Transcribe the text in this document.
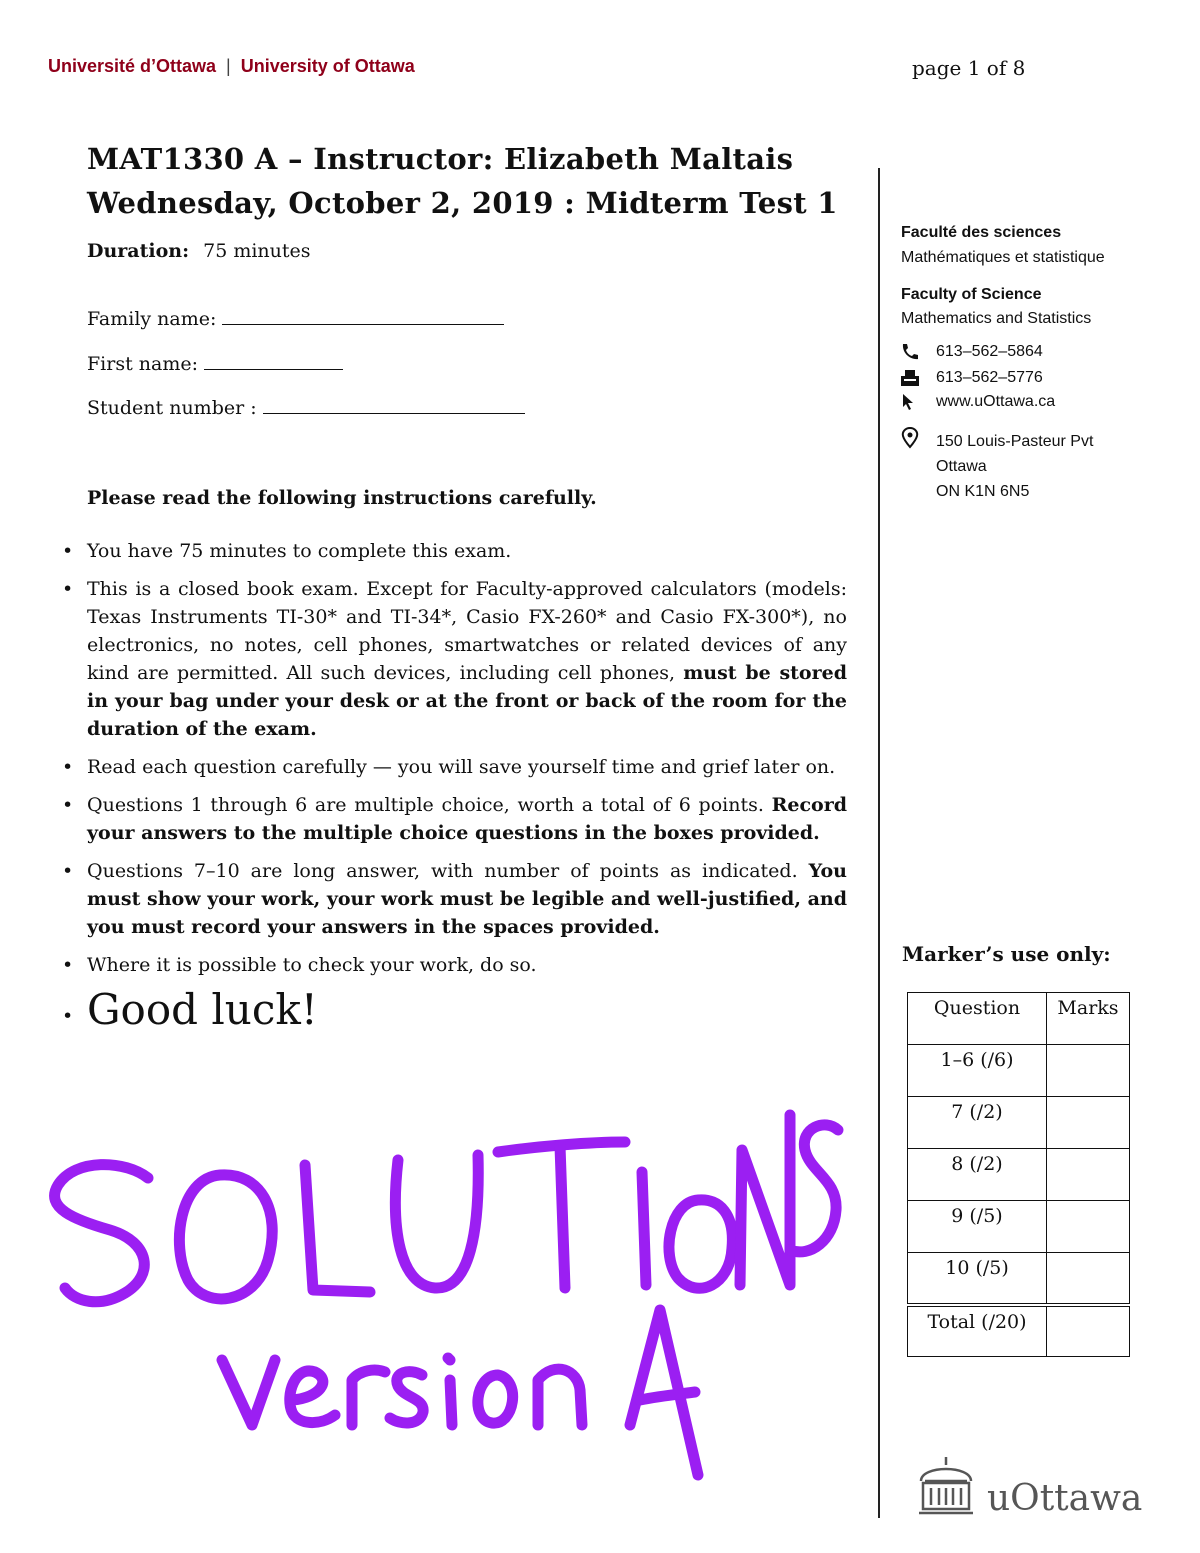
Université d’Ottawa | University of Ottawa	page 1 of 8
MAT1330 A – Instructor: Elizabeth Maltais
Wednesday, October 2, 2019 : Midterm Test 1
Duration: 75 minutes
Family name:
First name:
Student number :
Please read the following instructions carefully.
• You have 75 minutes to complete this exam.
• This is a closed book exam. Except for Faculty-approved calculators (models: Texas Instruments TI-30* and TI-34*, Casio FX-260* and Casio FX-300*), no electronics, no notes, cell phones, smartwatches or related devices of any kind are permitted. All such devices, including cell phones, must be stored in your bag under your desk or at the front or back of the room for the duration of the exam.
• Read each question carefully — you will save yourself time and grief later on.
• Questions 1 through 6 are multiple choice, worth a total of 6 points. Record your answers to the multiple choice questions in the boxes provided.
• Questions 7–10 are long answer, with number of points as indicated. You must show your work, your work must be legible and well-justified, and you must record your answers in the spaces provided.
• Where it is possible to check your work, do so.
• Good luck!
Faculté des sciences
Mathématiques et statistique
Faculty of Science
Mathematics and Statistics
613–562–5864
613–562–5776
www.uOttawa.ca
150 Louis-Pasteur Pvt
Ottawa
ON K1N 6N5
Marker’s use only:
Question	Marks
1–6 (/6)	
7 (/2)	
8 (/2)	
9 (/5)	
10 (/5)	
Total (/20)	
uOttawa
